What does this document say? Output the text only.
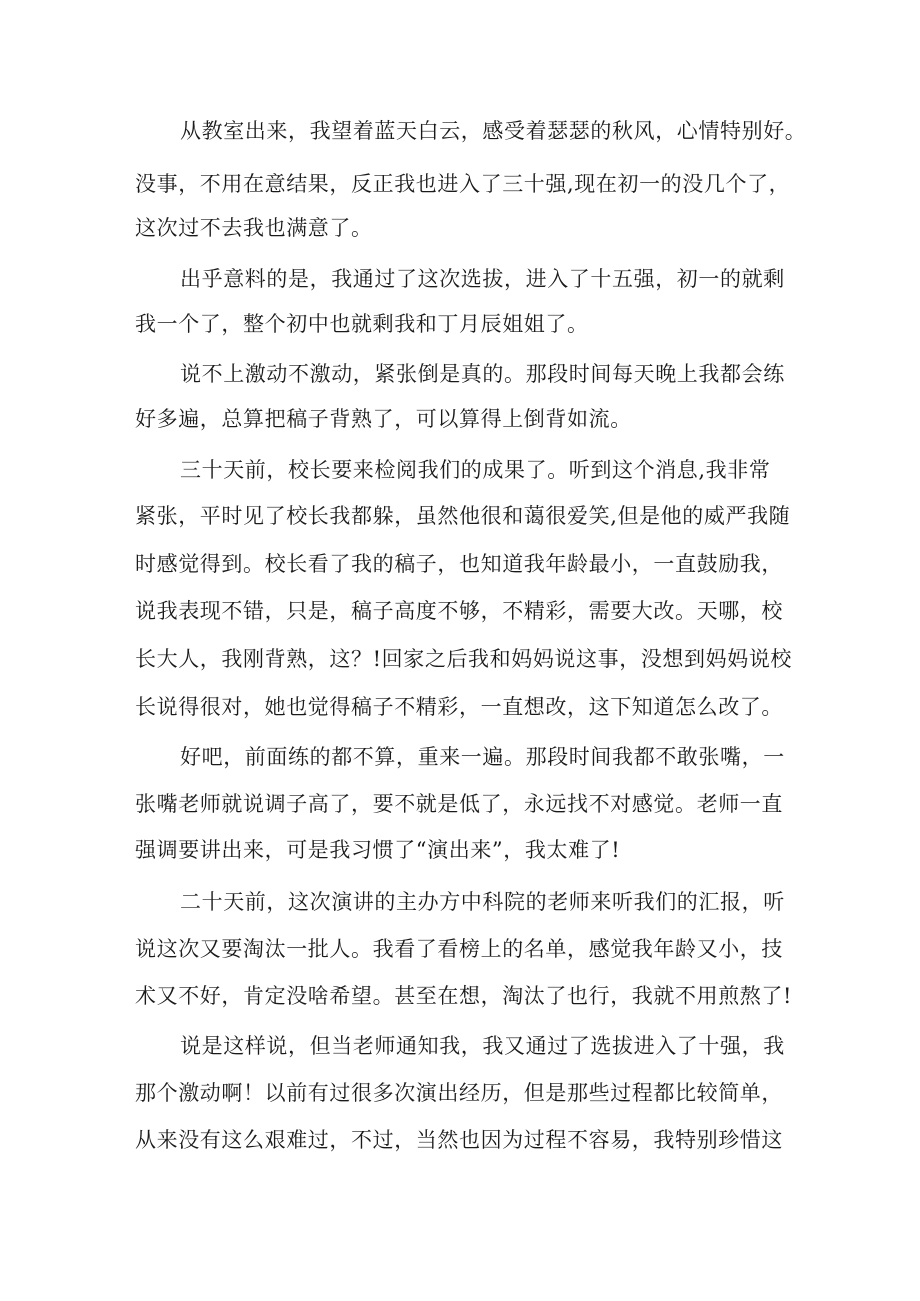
从教室出来，我望着蓝天白云，感受着瑟瑟的秋风，心情特别好。
没事，不用在意结果，反正我也进入了三十强,现在初一的没几个了，
这次过不去我也满意了。
出乎意料的是，我通过了这次选拔，进入了十五强，初一的就剩
我一个了，整个初中也就剩我和丁月辰姐姐了。
说不上激动不激动，紧张倒是真的。那段时间每天晚上我都会练
好多遍，总算把稿子背熟了，可以算得上倒背如流。
三十天前，校长要来检阅我们的成果了。听到这个消息,我非常
紧张，平时见了校长我都躲，虽然他很和蔼很爱笑,但是他的威严我随
时感觉得到。校长看了我的稿子，也知道我年龄最小，一直鼓励我，
说我表现不错，只是，稿子高度不够，不精彩，需要大改。天哪，校
长大人，我刚背熟，这？!回家之后我和妈妈说这事，没想到妈妈说校
长说得很对，她也觉得稿子不精彩，一直想改，这下知道怎么改了。
好吧，前面练的都不算，重来一遍。那段时间我都不敢张嘴，一
张嘴老师就说调子高了，要不就是低了，永远找不对感觉。老师一直
强调要讲出来，可是我习惯了“演出来”，我太难了!
二十天前，这次演讲的主办方中科院的老师来听我们的汇报，听
说这次又要淘汰一批人。我看了看榜上的名单，感觉我年龄又小，技
术又不好，肯定没啥希望。甚至在想，淘汰了也行，我就不用煎熬了!
说是这样说，但当老师通知我，我又通过了选拔进入了十强，我
那个激动啊！以前有过很多次演出经历，但是那些过程都比较简单，
从来没有这么艰难过，不过，当然也因为过程不容易，我特别珍惜这
